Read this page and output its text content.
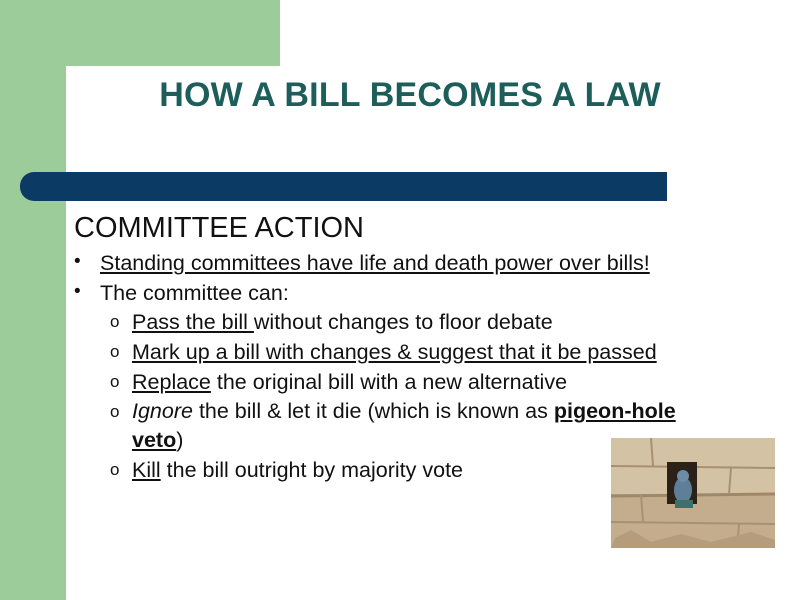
HOW A BILL BECOMES A LAW
COMMITTEE ACTION
• Standing committees have life and death power over bills!
• The committee can:
o Pass the bill without changes to floor debate
o Mark up a bill with changes & suggest that it be passed
o Replace the original bill with a new alternative
o Ignore the bill & let it die (which is known as pigeon-hole
veto)
o Kill the bill outright by majority vote
